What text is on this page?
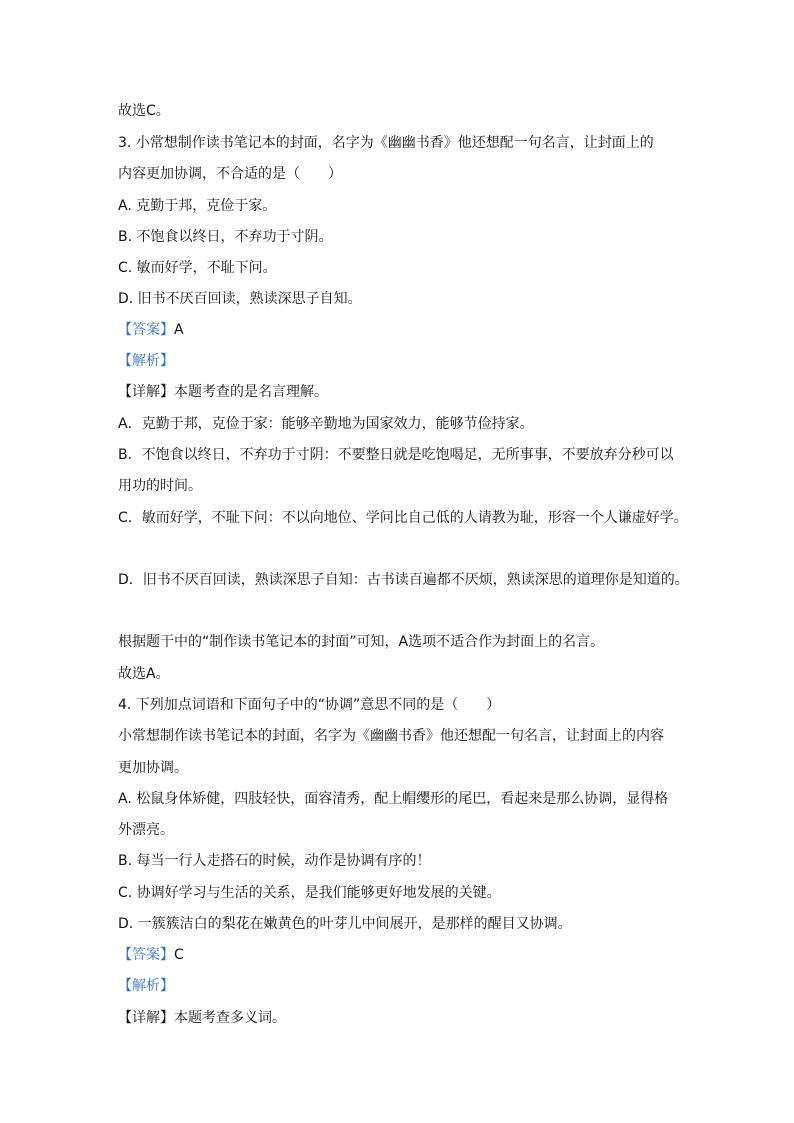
故选C。
3. 小常想制作读书笔记本的封面，名字为《幽幽书香》他还想配一句名言，让封面上的
内容更加协调，不合适的是（　　）
A. 克勤于邦，克俭于家。
B. 不饱食以终日，不弃功于寸阴。
C. 敏而好学，不耻下问。
D. 旧书不厌百回读，熟读深思子自知。
【答案】A
【解析】
【详解】本题考查的是名言理解。
A．克勤于邦，克俭于家：能够辛勤地为国家效力，能够节俭持家。
B．不饱食以终日，不弃功于寸阴：不要整日就是吃饱喝足，无所事事，不要放弃分秒可以
用功的时间。
C．敏而好学，不耻下问：不以向地位、学问比自己低的人请教为耻，形容一个人谦虚好学。
D．旧书不厌百回读，熟读深思子自知：古书读百遍都不厌烦，熟读深思的道理你是知道的。
根据题干中的“制作读书笔记本的封面”可知，A选项不适合作为封面上的名言。
故选A。
4. 下列加点词语和下面句子中的“协调”意思不同的是（　　）
小常想制作读书笔记本的封面，名字为《幽幽书香》他还想配一句名言，让封面上的内容
更加协调。
A. 松鼠身体矫健，四肢轻快，面容清秀，配上帽缨形的尾巴，看起来是那么协调，显得格
外漂亮。
B. 每当一行人走搭石的时候，动作是协调有序的！
C. 协调好学习与生活的关系，是我们能够更好地发展的关键。
D. 一簇簇洁白的梨花在嫩黄色的叶芽儿中间展开，是那样的醒目又协调。
【答案】C
【解析】
【详解】本题考查多义词。
